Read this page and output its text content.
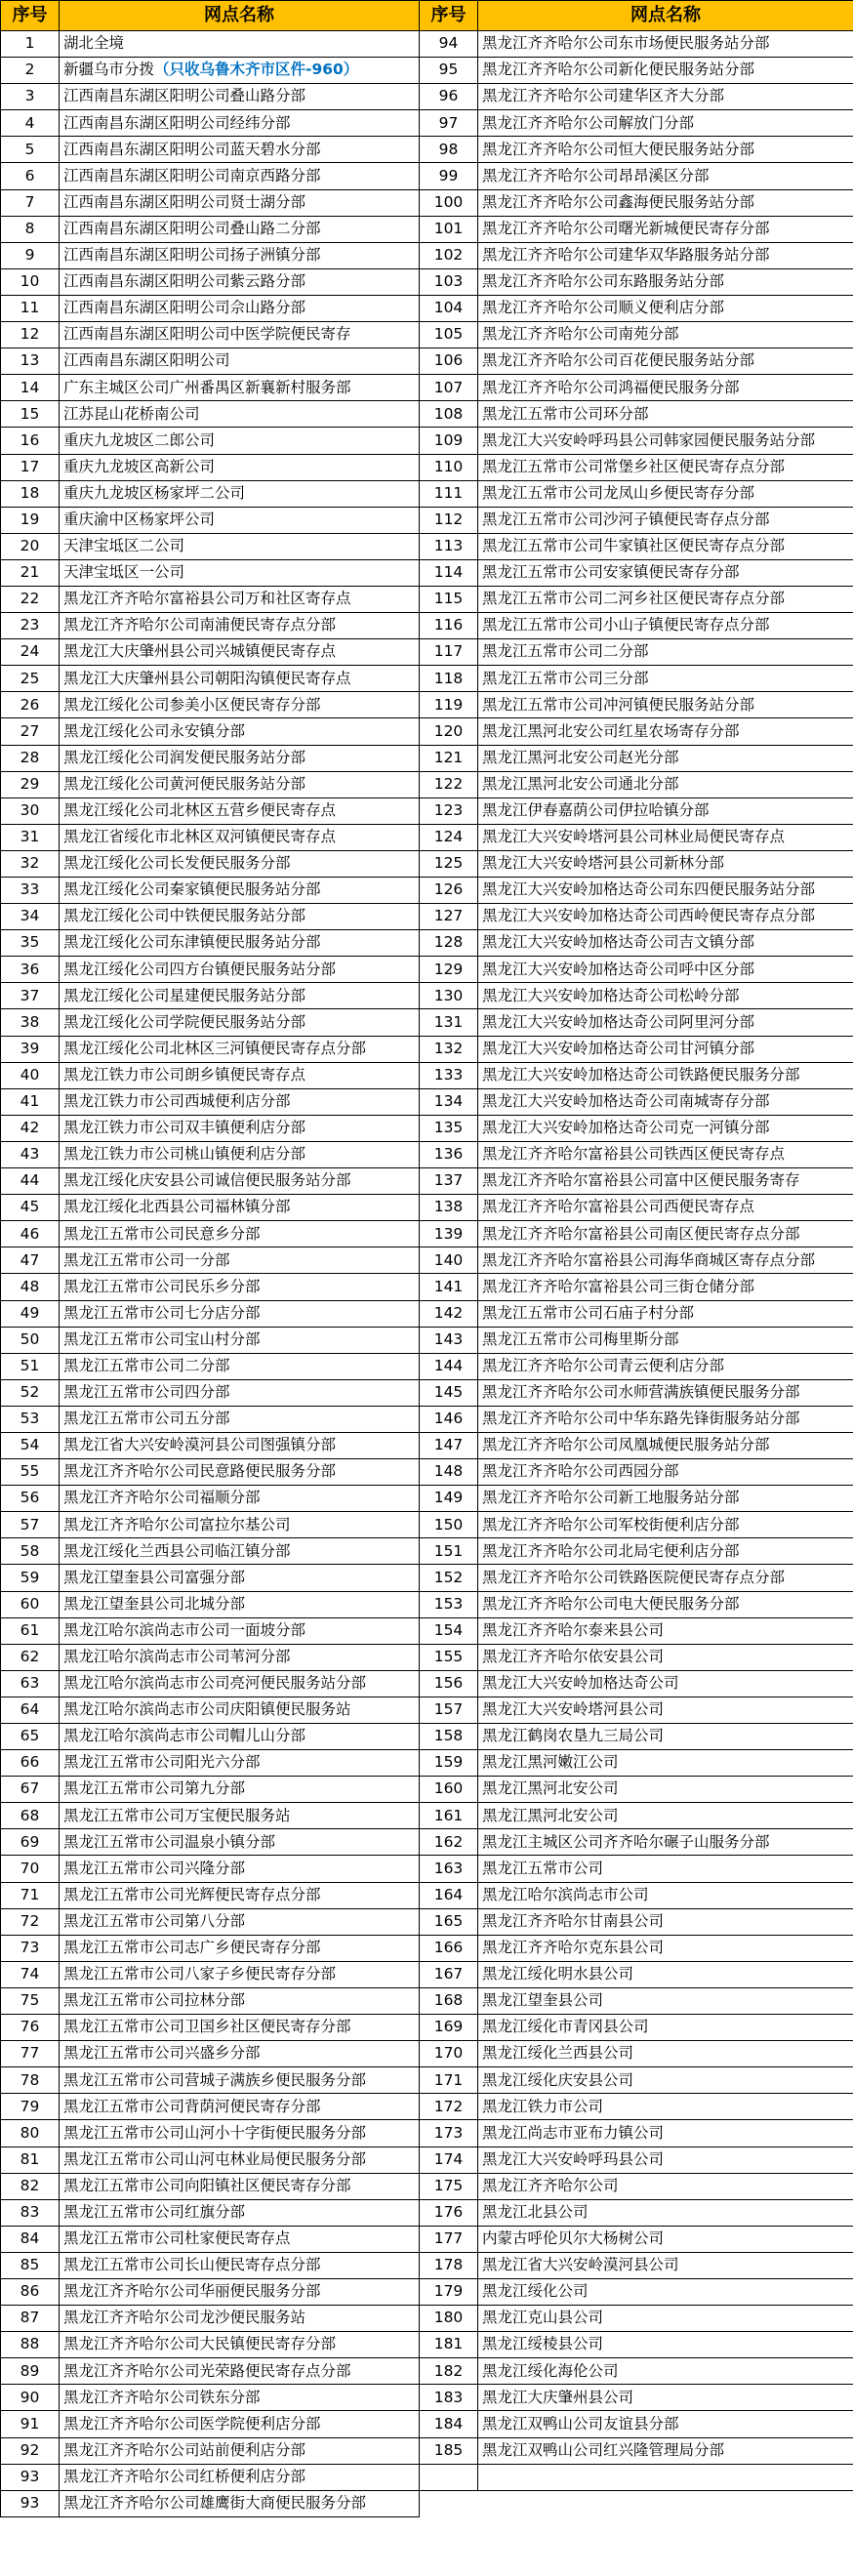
序号	网点名称	序号	网点名称
1	湖北全境	94	黑龙江齐齐哈尔公司东市场便民服务站分部
2	新疆乌市分拨（只收乌鲁木齐市区件-960）	95	黑龙江齐齐哈尔公司新化便民服务站分部
3	江西南昌东湖区阳明公司叠山路分部	96	黑龙江齐齐哈尔公司建华区齐大分部
4	江西南昌东湖区阳明公司经纬分部	97	黑龙江齐齐哈尔公司解放门分部
5	江西南昌东湖区阳明公司蓝天碧水分部	98	黑龙江齐齐哈尔公司恒大便民服务站分部
6	江西南昌东湖区阳明公司南京西路分部	99	黑龙江齐齐哈尔公司昂昂溪区分部
7	江西南昌东湖区阳明公司贤士湖分部	100	黑龙江齐齐哈尔公司鑫海便民服务站分部
8	江西南昌东湖区阳明公司叠山路二分部	101	黑龙江齐齐哈尔公司曙光新城便民寄存分部
9	江西南昌东湖区阳明公司扬子洲镇分部	102	黑龙江齐齐哈尔公司建华双华路服务站分部
10	江西南昌东湖区阳明公司紫云路分部	103	黑龙江齐齐哈尔公司东路服务站分部
11	江西南昌东湖区阳明公司佘山路分部	104	黑龙江齐齐哈尔公司顺义便利店分部
12	江西南昌东湖区阳明公司中医学院便民寄存	105	黑龙江齐齐哈尔公司南苑分部
13	江西南昌东湖区阳明公司	106	黑龙江齐齐哈尔公司百花便民服务站分部
14	广东主城区公司广州番禺区新襄新村服务部	107	黑龙江齐齐哈尔公司鸿福便民服务分部
15	江苏昆山花桥南公司	108	黑龙江五常市公司环分部
16	重庆九龙坡区二郎公司	109	黑龙江大兴安岭呼玛县公司韩家园便民服务站分部
17	重庆九龙坡区高新公司	110	黑龙江五常市公司常堡乡社区便民寄存点分部
18	重庆九龙坡区杨家坪二公司	111	黑龙江五常市公司龙凤山乡便民寄存分部
19	重庆渝中区杨家坪公司	112	黑龙江五常市公司沙河子镇便民寄存点分部
20	天津宝坻区二公司	113	黑龙江五常市公司牛家镇社区便民寄存点分部
21	天津宝坻区一公司	114	黑龙江五常市公司安家镇便民寄存分部
22	黑龙江齐齐哈尔富裕县公司万和社区寄存点	115	黑龙江五常市公司二河乡社区便民寄存点分部
23	黑龙江齐齐哈尔公司南浦便民寄存点分部	116	黑龙江五常市公司小山子镇便民寄存点分部
24	黑龙江大庆肇州县公司兴城镇便民寄存点	117	黑龙江五常市公司二分部
25	黑龙江大庆肇州县公司朝阳沟镇便民寄存点	118	黑龙江五常市公司三分部
26	黑龙江绥化公司参美小区便民寄存分部	119	黑龙江五常市公司冲河镇便民服务站分部
27	黑龙江绥化公司永安镇分部	120	黑龙江黑河北安公司红星农场寄存分部
28	黑龙江绥化公司润发便民服务站分部	121	黑龙江黑河北安公司赵光分部
29	黑龙江绥化公司黄河便民服务站分部	122	黑龙江黑河北安公司通北分部
30	黑龙江绥化公司北林区五营乡便民寄存点	123	黑龙江伊春嘉荫公司伊拉哈镇分部
31	黑龙江省绥化市北林区双河镇便民寄存点	124	黑龙江大兴安岭塔河县公司林业局便民寄存点
32	黑龙江绥化公司长发便民服务分部	125	黑龙江大兴安岭塔河县公司新林分部
33	黑龙江绥化公司秦家镇便民服务站分部	126	黑龙江大兴安岭加格达奇公司东四便民服务站分部
34	黑龙江绥化公司中铁便民服务站分部	127	黑龙江大兴安岭加格达奇公司西岭便民寄存点分部
35	黑龙江绥化公司东津镇便民服务站分部	128	黑龙江大兴安岭加格达奇公司吉文镇分部
36	黑龙江绥化公司四方台镇便民服务站分部	129	黑龙江大兴安岭加格达奇公司呼中区分部
37	黑龙江绥化公司星建便民服务站分部	130	黑龙江大兴安岭加格达奇公司松岭分部
38	黑龙江绥化公司学院便民服务站分部	131	黑龙江大兴安岭加格达奇公司阿里河分部
39	黑龙江绥化公司北林区三河镇便民寄存点分部	132	黑龙江大兴安岭加格达奇公司甘河镇分部
40	黑龙江铁力市公司朗乡镇便民寄存点	133	黑龙江大兴安岭加格达奇公司铁路便民服务分部
41	黑龙江铁力市公司西城便利店分部	134	黑龙江大兴安岭加格达奇公司南城寄存分部
42	黑龙江铁力市公司双丰镇便利店分部	135	黑龙江大兴安岭加格达奇公司克一河镇分部
43	黑龙江铁力市公司桃山镇便利店分部	136	黑龙江齐齐哈尔富裕县公司铁西区便民寄存点
44	黑龙江绥化庆安县公司诚信便民服务站分部	137	黑龙江齐齐哈尔富裕县公司富中区便民服务寄存
45	黑龙江绥化北西县公司福林镇分部	138	黑龙江齐齐哈尔富裕县公司西便民寄存点
46	黑龙江五常市公司民意乡分部	139	黑龙江齐齐哈尔富裕县公司南区便民寄存点分部
47	黑龙江五常市公司一分部	140	黑龙江齐齐哈尔富裕县公司海华商城区寄存点分部
48	黑龙江五常市公司民乐乡分部	141	黑龙江齐齐哈尔富裕县公司三街仓储分部
49	黑龙江五常市公司七分店分部	142	黑龙江五常市公司石庙子村分部
50	黑龙江五常市公司宝山村分部	143	黑龙江五常市公司梅里斯分部
51	黑龙江五常市公司二分部	144	黑龙江齐齐哈尔公司青云便利店分部
52	黑龙江五常市公司四分部	145	黑龙江齐齐哈尔公司水师营满族镇便民服务分部
53	黑龙江五常市公司五分部	146	黑龙江齐齐哈尔公司中华东路先锋街服务站分部
54	黑龙江省大兴安岭漠河县公司图强镇分部	147	黑龙江齐齐哈尔公司凤凰城便民服务站分部
55	黑龙江齐齐哈尔公司民意路便民服务分部	148	黑龙江齐齐哈尔公司西园分部
56	黑龙江齐齐哈尔公司福顺分部	149	黑龙江齐齐哈尔公司新工地服务站分部
57	黑龙江齐齐哈尔公司富拉尔基公司	150	黑龙江齐齐哈尔公司军校街便利店分部
58	黑龙江绥化兰西县公司临江镇分部	151	黑龙江齐齐哈尔公司北局宅便利店分部
59	黑龙江望奎县公司富强分部	152	黑龙江齐齐哈尔公司铁路医院便民寄存点分部
60	黑龙江望奎县公司北城分部	153	黑龙江齐齐哈尔公司电大便民服务分部
61	黑龙江哈尔滨尚志市公司一面坡分部	154	黑龙江齐齐哈尔泰来县公司
62	黑龙江哈尔滨尚志市公司苇河分部	155	黑龙江齐齐哈尔依安县公司
63	黑龙江哈尔滨尚志市公司亮河便民服务站分部	156	黑龙江大兴安岭加格达奇公司
64	黑龙江哈尔滨尚志市公司庆阳镇便民服务站	157	黑龙江大兴安岭塔河县公司
65	黑龙江哈尔滨尚志市公司帽儿山分部	158	黑龙江鹤岗农垦九三局公司
66	黑龙江五常市公司阳光六分部	159	黑龙江黑河嫩江公司
67	黑龙江五常市公司第九分部	160	黑龙江黑河北安公司
68	黑龙江五常市公司万宝便民服务站	161	黑龙江黑河北安公司
69	黑龙江五常市公司温泉小镇分部	162	黑龙江主城区公司齐齐哈尔碾子山服务分部
70	黑龙江五常市公司兴隆分部	163	黑龙江五常市公司
71	黑龙江五常市公司光辉便民寄存点分部	164	黑龙江哈尔滨尚志市公司
72	黑龙江五常市公司第八分部	165	黑龙江齐齐哈尔甘南县公司
73	黑龙江五常市公司志广乡便民寄存分部	166	黑龙江齐齐哈尔克东县公司
74	黑龙江五常市公司八家子乡便民寄存分部	167	黑龙江绥化明水县公司
75	黑龙江五常市公司拉林分部	168	黑龙江望奎县公司
76	黑龙江五常市公司卫国乡社区便民寄存分部	169	黑龙江绥化市青冈县公司
77	黑龙江五常市公司兴盛乡分部	170	黑龙江绥化兰西县公司
78	黑龙江五常市公司营城子满族乡便民服务分部	171	黑龙江绥化庆安县公司
79	黑龙江五常市公司背荫河便民寄存分部	172	黑龙江铁力市公司
80	黑龙江五常市公司山河小十字街便民服务分部	173	黑龙江尚志市亚布力镇公司
81	黑龙江五常市公司山河屯林业局便民服务分部	174	黑龙江大兴安岭呼玛县公司
82	黑龙江五常市公司向阳镇社区便民寄存分部	175	黑龙江齐齐哈尔公司
83	黑龙江五常市公司红旗分部	176	黑龙江北县公司
84	黑龙江五常市公司杜家便民寄存点	177	内蒙古呼伦贝尔大杨树公司
85	黑龙江五常市公司长山便民寄存点分部	178	黑龙江省大兴安岭漠河县公司
86	黑龙江齐齐哈尔公司华丽便民服务分部	179	黑龙江绥化公司
87	黑龙江齐齐哈尔公司龙沙便民服务站	180	黑龙江克山县公司
88	黑龙江齐齐哈尔公司大民镇便民寄存分部	181	黑龙江绥棱县公司
89	黑龙江齐齐哈尔公司光荣路便民寄存点分部	182	黑龙江绥化海伦公司
90	黑龙江齐齐哈尔公司铁东分部	183	黑龙江大庆肇州县公司
91	黑龙江齐齐哈尔公司医学院便利店分部	184	黑龙江双鸭山公司友谊县分部
92	黑龙江齐齐哈尔公司站前便利店分部	185	黑龙江双鸭山公司红兴隆管理局分部
93	黑龙江齐齐哈尔公司红桥便利店分部		
93	黑龙江齐齐哈尔公司雄鹰街大商便民服务分部		
